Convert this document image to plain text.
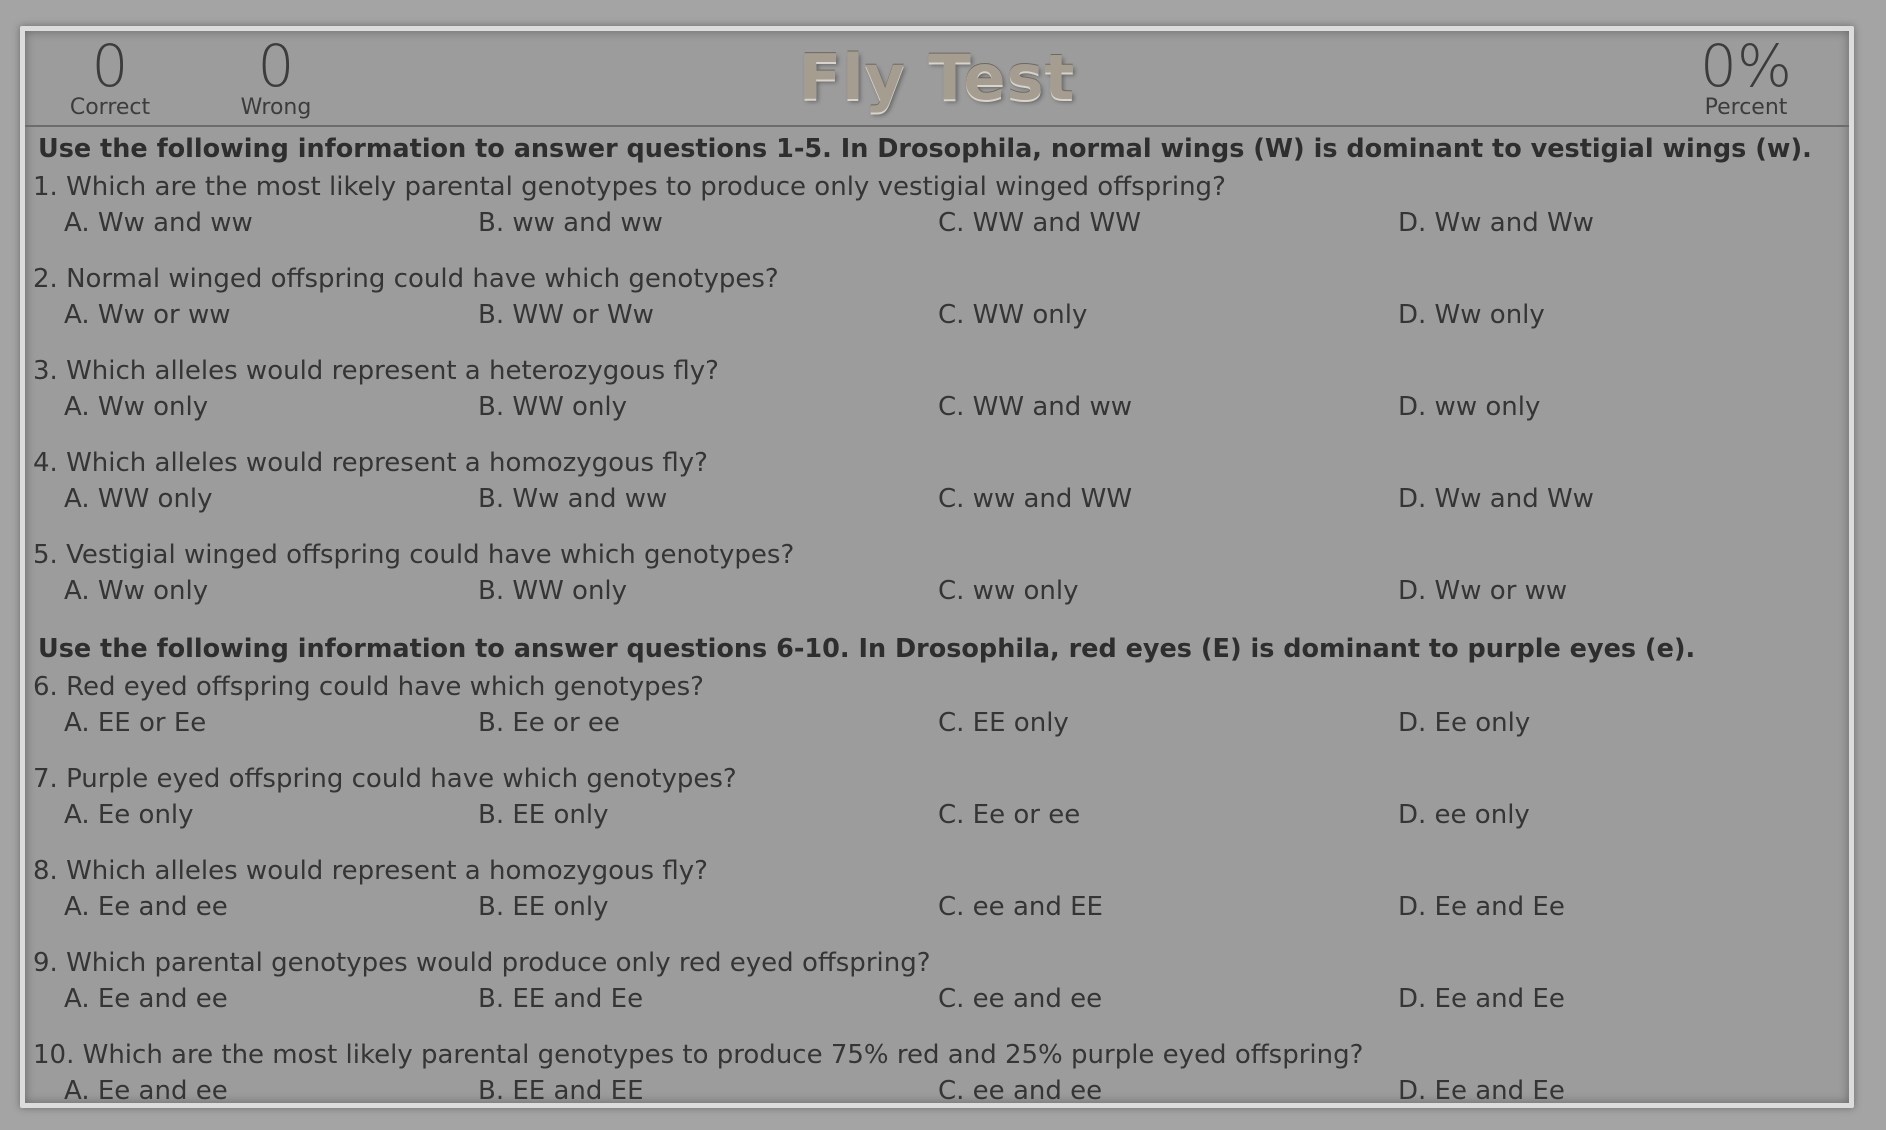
0
Correct
0
Wrong	Fly Test	0%
Percent
Use the following information to answer questions 1-5. In Drosophila, normal wings (W) is dominant to vestigial wings (w).
1. Which are the most likely parental genotypes to produce only vestigial winged offspring?
A. Ww and ww	B. ww and ww	C. WW and WW	D. Ww and Ww
2. Normal winged offspring could have which genotypes?
A. Ww or ww	B. WW or Ww	C. WW only	D. Ww only
3. Which alleles would represent a heterozygous fly?
A. Ww only	B. WW only	C. WW and ww	D. ww only
4. Which alleles would represent a homozygous fly?
A. WW only	B. Ww and ww	C. ww and WW	D. Ww and Ww
5. Vestigial winged offspring could have which genotypes?
A. Ww only	B. WW only	C. ww only	D. Ww or ww
Use the following information to answer questions 6-10. In Drosophila, red eyes (E) is dominant to purple eyes (e).
6. Red eyed offspring could have which genotypes?
A. EE or Ee	B. Ee or ee	C. EE only	D. Ee only
7. Purple eyed offspring could have which genotypes?
A. Ee only	B. EE only	C. Ee or ee	D. ee only
8. Which alleles would represent a homozygous fly?
A. Ee and ee	B. EE only	C. ee and EE	D. Ee and Ee
9. Which parental genotypes would produce only red eyed offspring?
A. Ee and ee	B. EE and Ee	C. ee and ee	D. Ee and Ee
10. Which are the most likely parental genotypes to produce 75% red and 25% purple eyed offspring?
A. Ee and ee	B. EE and EE	C. ee and ee	D. Ee and Ee
